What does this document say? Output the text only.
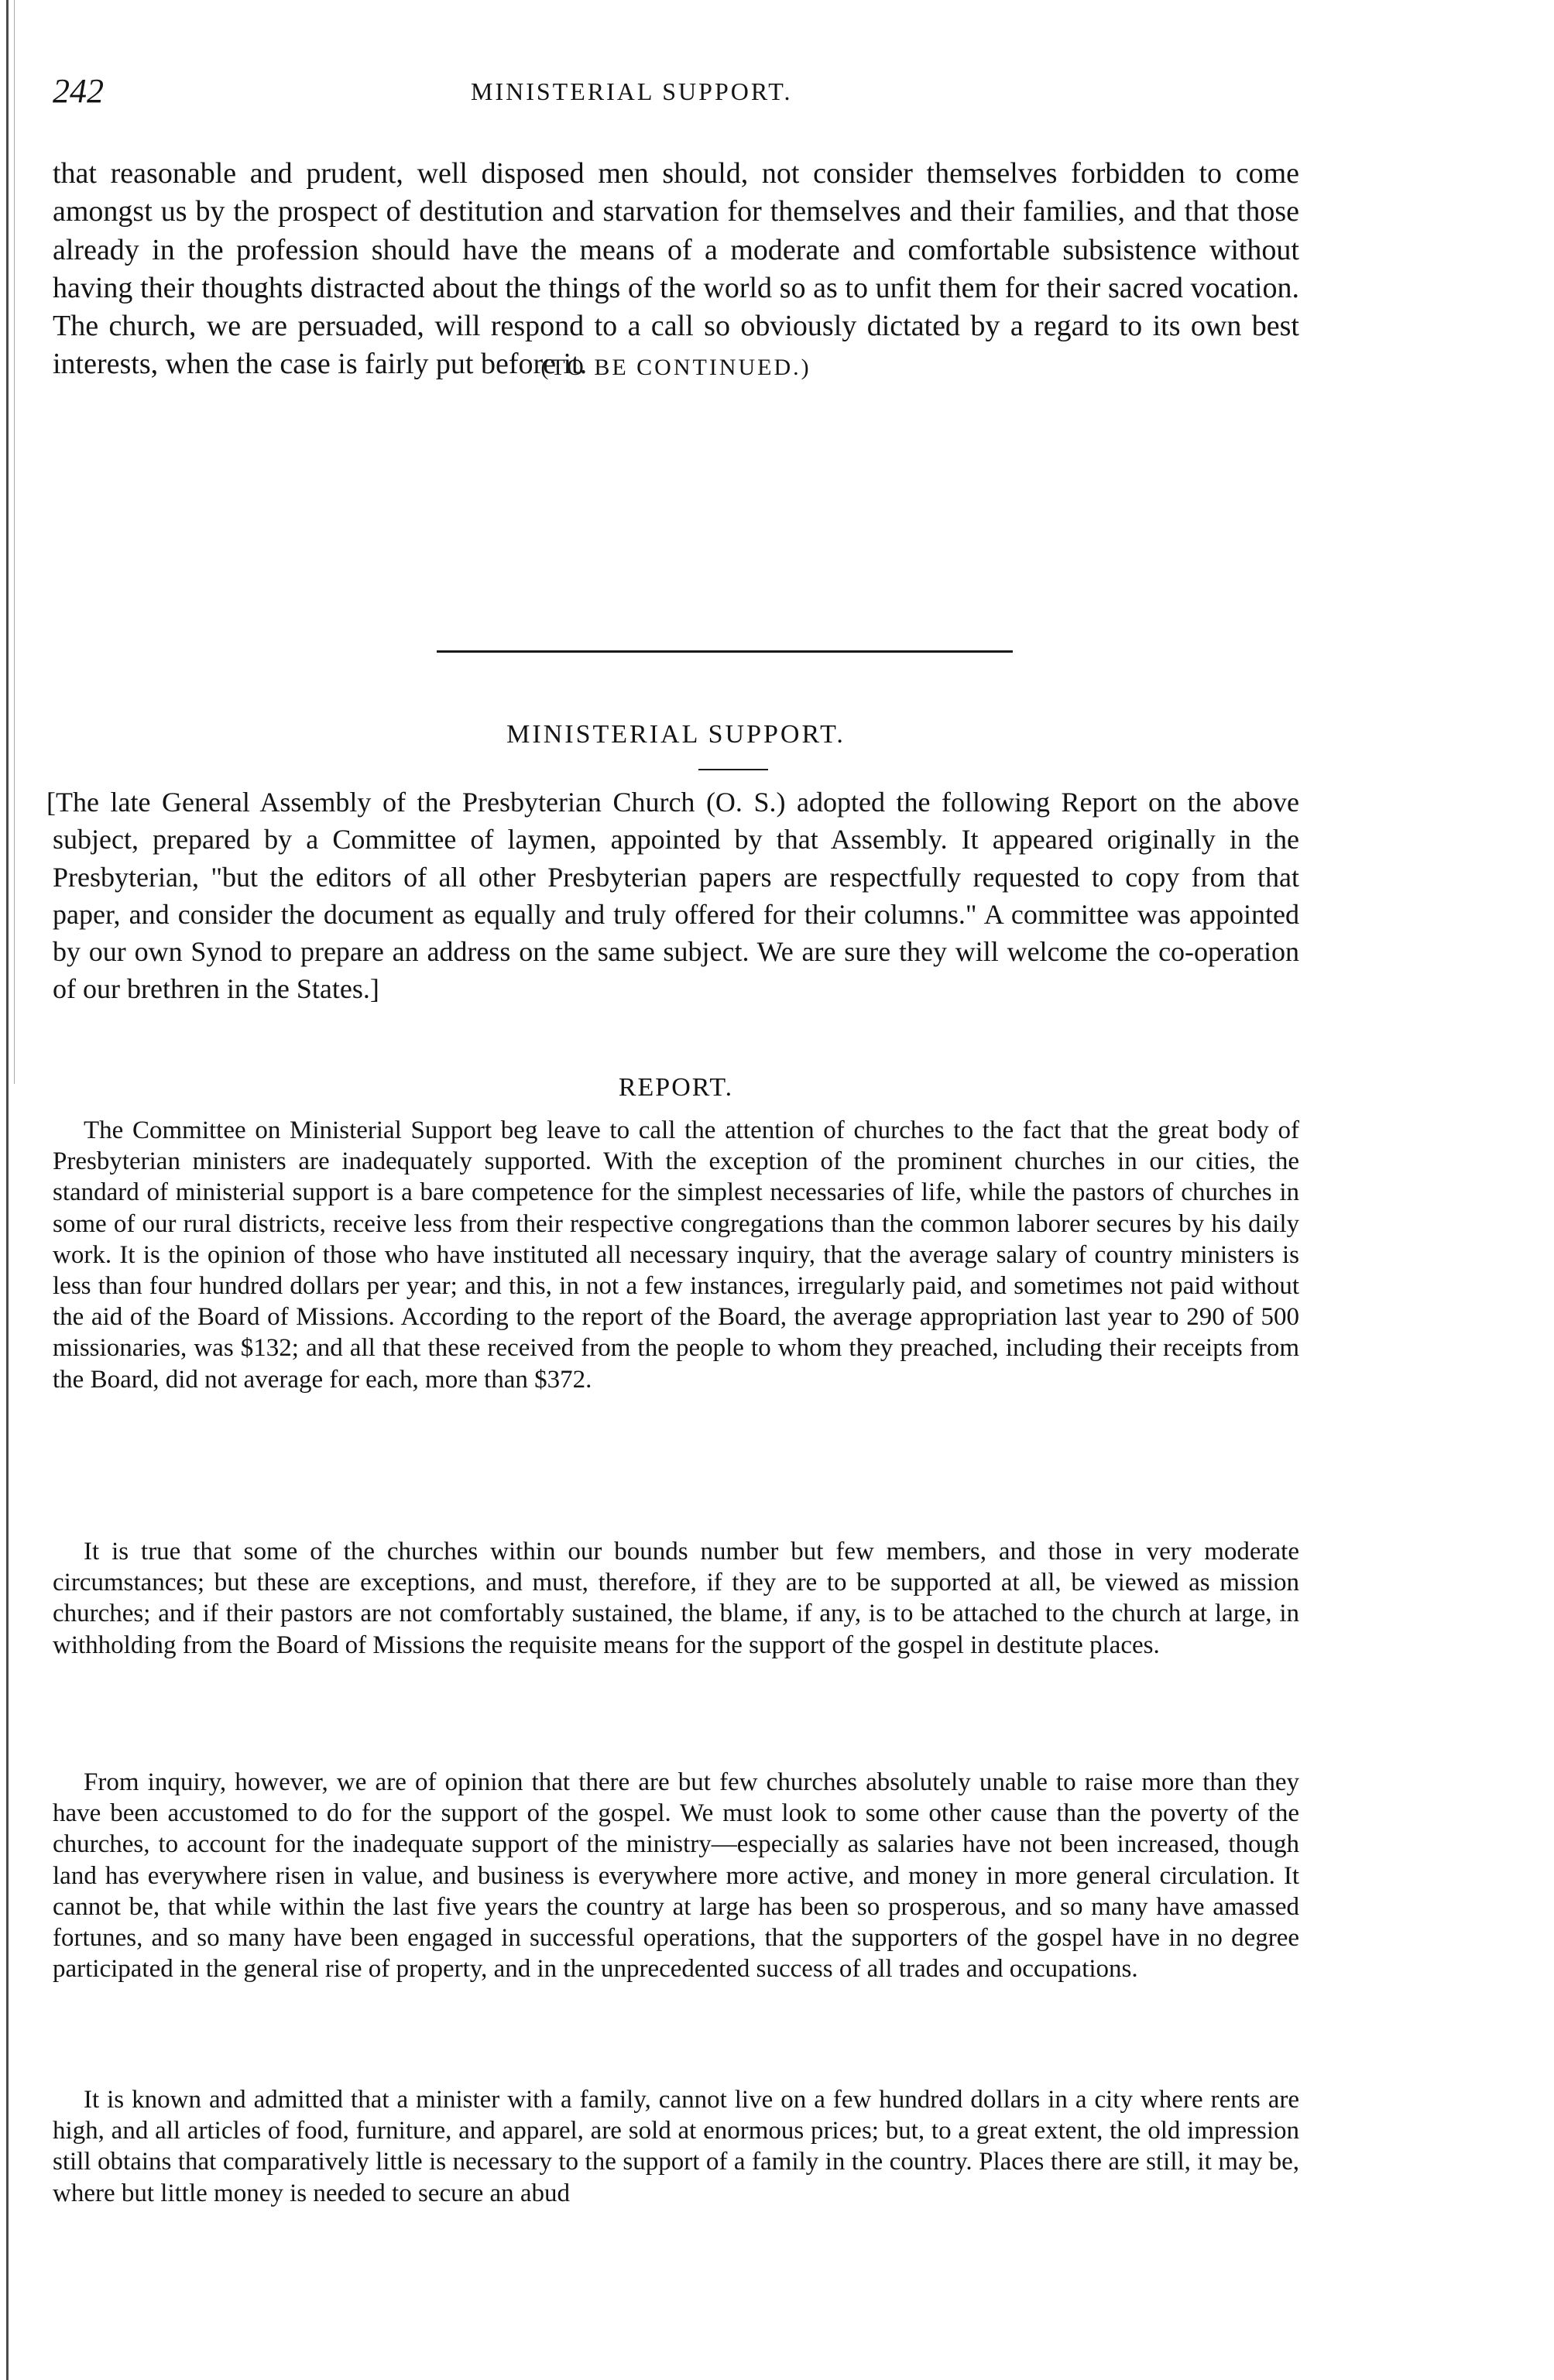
242	MINISTERIAL SUPPORT.

that reasonable and prudent, well disposed men should, not consider themselves forbidden to come amongst us by the prospect of destitution and starvation for themselves and their families, and that those already in the profession should have the means of a moderate and comfortable subsistence without having their thoughts distracted about the things of the world so as to unfit them for their sacred vocation. The church, we are persuaded, will respond to a call so obviously dictated by a regard to its own best interests, when the case is fairly put before it.

(TO BE CONTINUED.)
MINISTERIAL SUPPORT.
REPORT.

[The late General Assembly of the Presbyterian Church (O. S.) adopted the following Report on the above subject, prepared by a Committee of laymen, appointed by that Assembly. It appeared originally in the Presbyterian, "but the editors of all other Presbyterian papers are respectfully requested to copy from that paper, and consider the document as equally and truly offered for their columns." A committee was appointed by our own Synod to prepare an address on the same subject. We are sure they will welcome the co-operation of our brethren in the States.]

The Committee on Ministerial Support beg leave to call the attention of churches to the fact that the great body of Presbyterian ministers are inadequately supported. With the exception of the prominent churches in our cities, the standard of ministerial support is a bare competence for the simplest necessaries of life, while the pastors of churches in some of our rural districts, receive less from their respective congregations than the common laborer secures by his daily work. It is the opinion of those who have instituted all necessary inquiry, that the average salary of country ministers is less than four hundred dollars per year; and this, in not a few instances, irregularly paid, and sometimes not paid without the aid of the Board of Missions. According to the report of the Board, the average appropriation last year to 290 of 500 missionaries, was $132; and all that these received from the people to whom they preached, including their receipts from the Board, did not average for each, more than $372.

It is true that some of the churches within our bounds number but few members, and those in very moderate circumstances; but these are exceptions, and must, therefore, if they are to be supported at all, be viewed as mission churches; and if their pastors are not comfortably sustained, the blame, if any, is to be attached to the church at large, in withholding from the Board of Missions the requisite means for the support of the gospel in destitute places.

From inquiry, however, we are of opinion that there are but few churches absolutely unable to raise more than they have been accustomed to do for the support of the gospel. We must look to some other cause than the poverty of the churches, to account for the inadequate support of the ministry—especially as salaries have not been increased, though land has everywhere risen in value, and business is everywhere more active, and money in more general circulation. It cannot be, that while within the last five years the country at large has been so prosperous, and so many have amassed fortunes, and so many have been engaged in successful operations, that the supporters of the gospel have in no degree participated in the general rise of property, and in the unprecedented success of all trades and occupations.

It is known and admitted that a minister with a family, cannot live on a few hundred dollars in a city where rents are high, and all articles of food, furniture, and apparel, are sold at enormous prices; but, to a great extent, the old impression still obtains that comparatively little is necessary to the support of a family in the country. Places there are still, it may be, where but little money is needed to secure an abud
